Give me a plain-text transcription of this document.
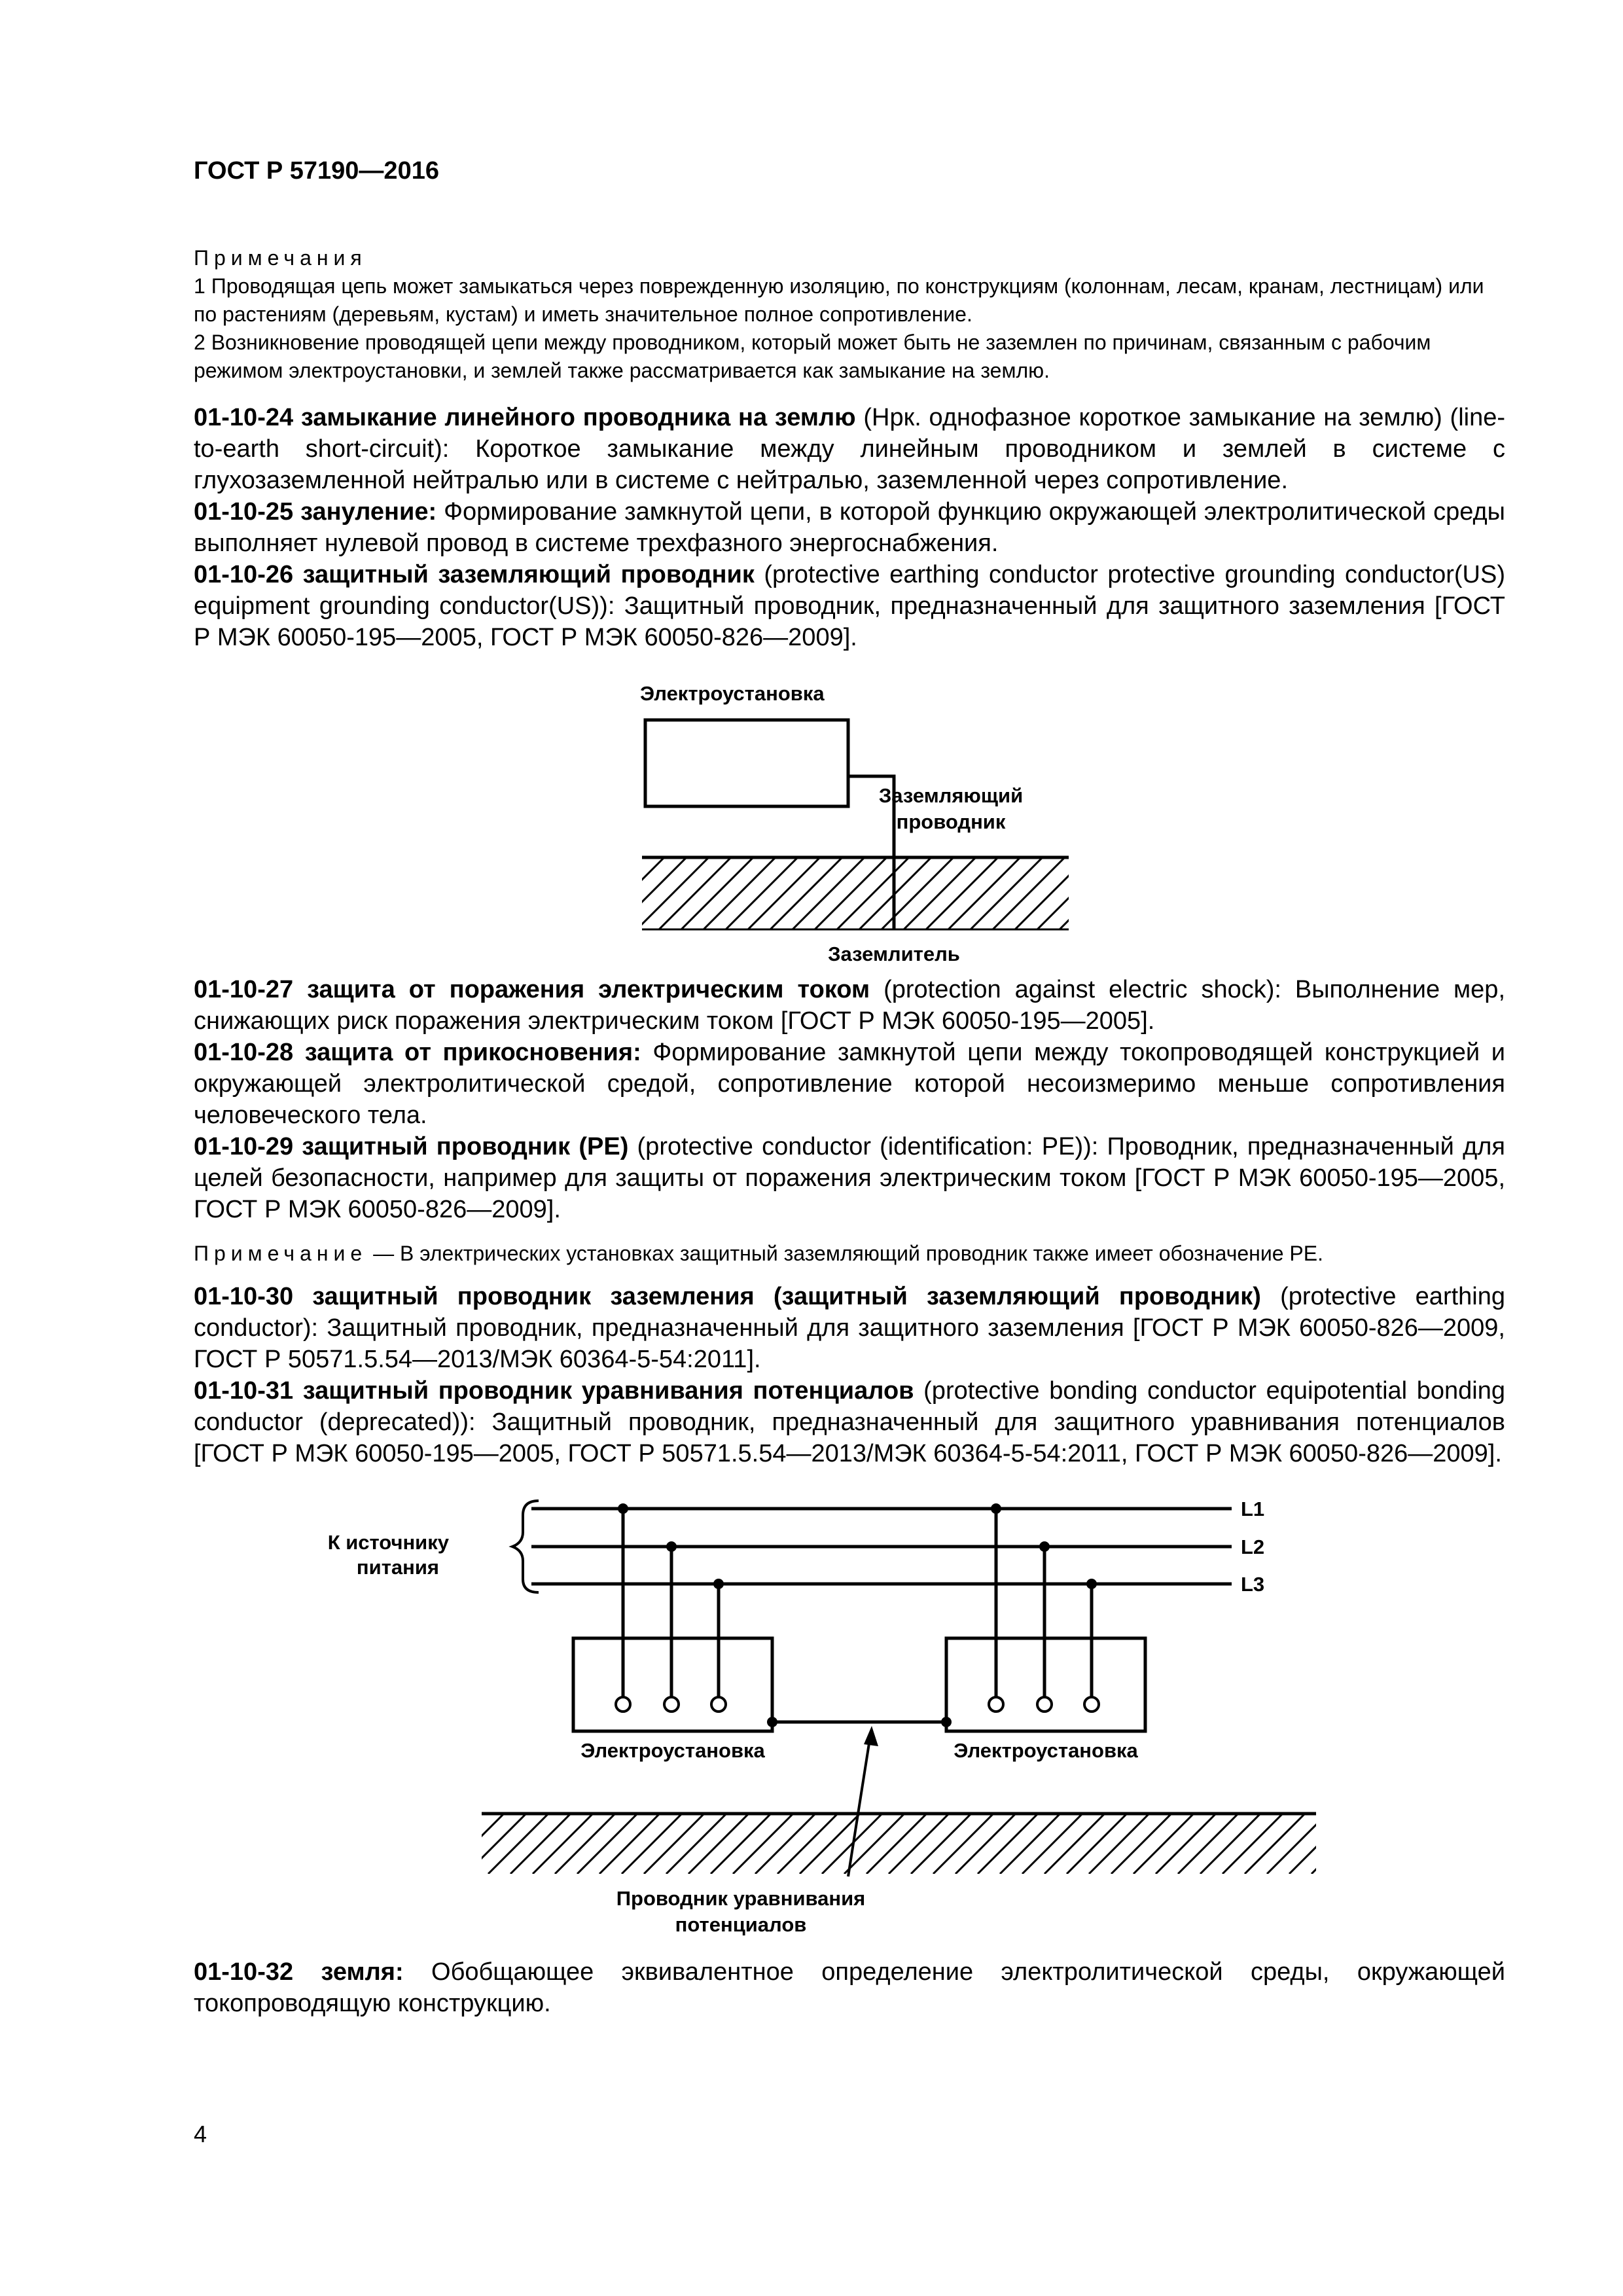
ГОСТ Р 57190—2016

Примечания

1 Проводящая цепь может замыкаться через поврежденную изоляцию, по конструкциям (колоннам, лесам, кранам, лестницам) или по растениям (деревьям, кустам) и иметь значительное полное сопротивление.

2 Возникновение проводящей цепи между проводником, который может быть не заземлен по причинам, связанным с рабочим режимом электроустановки, и землей также рассматривается как замыкание на землю.

01-10-24 замыкание линейного проводника на землю (Нрк. однофазное короткое замыкание на землю) (line-to-earth short-circuit): Короткое замыкание между линейным проводником и землей в системе с глухозаземленной нейтралью или в системе с нейтралью, заземленной через сопротивление.

01-10-25 зануление: Формирование замкнутой цепи, в которой функцию окружающей электролитической среды выполняет нулевой провод в системе трехфазного энергоснабжения.

01-10-26 защитный заземляющий проводник (protective earthing conductor protective grounding conductor(US) equipment grounding conductor(US)): Защитный проводник, предназначенный для защитного заземления [ГОСТ Р МЭК 60050-195—2005, ГОСТ Р МЭК 60050-826—2009].

Электроустановка
Заземляющий
проводник
Заземлитель

01-10-27 защита от поражения электрическим током (protection against electric shock): Выполнение мер, снижающих риск поражения электрическим током [ГОСТ Р МЭК 60050-195—2005].

01-10-28 защита от прикосновения: Формирование замкнутой цепи между токопроводящей конструкцией и окружающей электролитической средой, сопротивление которой несоизмеримо меньше сопротивления человеческого тела.

01-10-29 защитный проводник (PE) (protective conductor (identification: PE)): Проводник, предназначенный для целей безопасности, например для защиты от поражения электрическим током [ГОСТ Р МЭК 60050-195—2005, ГОСТ Р МЭК 60050-826—2009].

Примечание — В электрических установках защитный заземляющий проводник также имеет обозначение PE.

01-10-30 защитный проводник заземления (защитный заземляющий проводник) (protective earthing conductor): Защитный проводник, предназначенный для защитного заземления [ГОСТ Р МЭК 60050-826—2009, ГОСТ Р 50571.5.54—2013/МЭК 60364-5-54:2011].

01-10-31 защитный проводник уравнивания потенциалов (protective bonding conductor equipotential bonding conductor (deprecated)): Защитный проводник, предназначенный для защитного уравнивания потенциалов [ГОСТ Р МЭК 60050-195—2005, ГОСТ Р 50571.5.54—2013/МЭК 60364-5-54:2011, ГОСТ Р МЭК 60050-826—2009].

К источнику
питания
L1
L2
L3
Электроустановка	Электроустановка
Проводник уравнивания
потенциалов

01-10-32 земля: Обобщающее эквивалентное определение электролитической среды, окружающей токопроводящую конструкцию.

4
